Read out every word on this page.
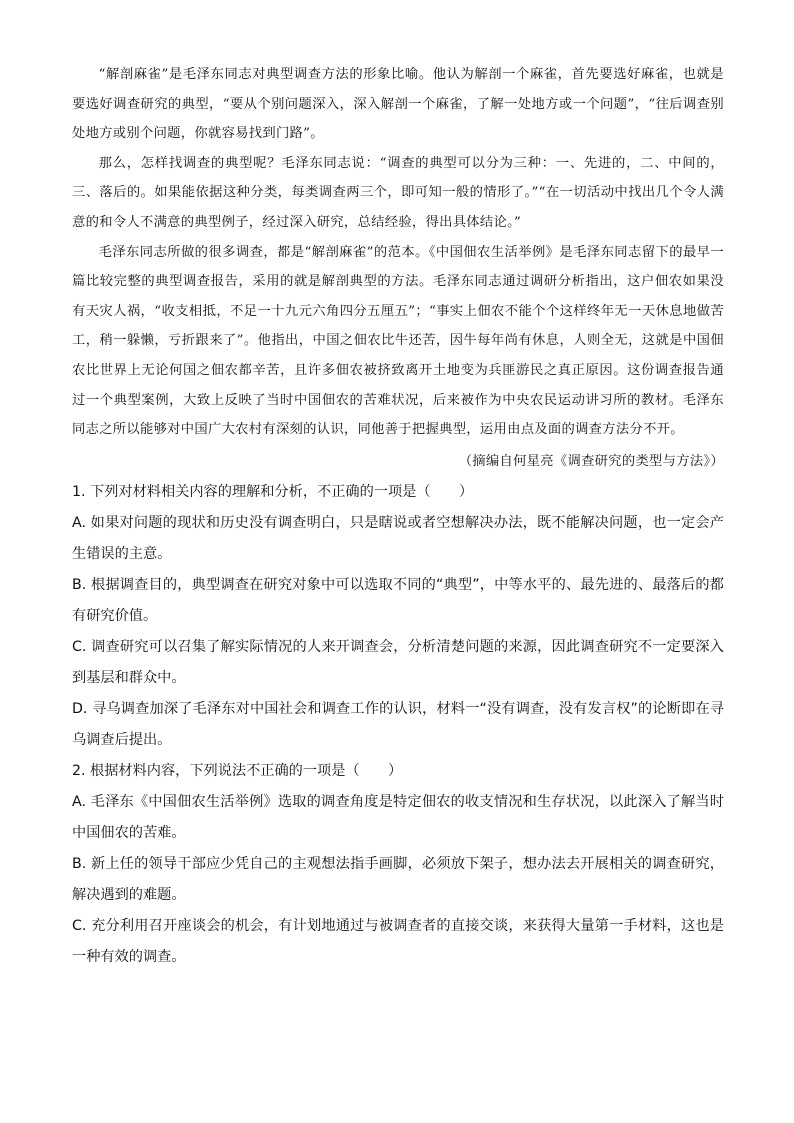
“解剖麻雀”是毛泽东同志对典型调查方法的形象比喻。他认为解剖一个麻雀，首先要选好麻雀，也就是要选好调查研究的典型，“要从个别问题深入，深入解剖一个麻雀，了解一处地方或一个问题”，“往后调查别处地方或别个问题，你就容易找到门路”。

那么，怎样找调查的典型呢？毛泽东同志说：“调查的典型可以分为三种：一、先进的，二、中间的，三、落后的。如果能依据这种分类，每类调查两三个，即可知一般的情形了。”“在一切活动中找出几个令人满意的和令人不满意的典型例子，经过深入研究，总结经验，得出具体结论。”

毛泽东同志所做的很多调查，都是“解剖麻雀”的范本。《中国佃农生活举例》是毛泽东同志留下的最早一篇比较完整的典型调查报告，采用的就是解剖典型的方法。毛泽东同志通过调研分析指出，这户佃农如果没有天灾人祸，“收支相抵，不足一十九元六角四分五厘五”；“事实上佃农不能个个这样终年无一天休息地做苦工，稍一躲懒，亏折跟来了”。他指出，中国之佃农比牛还苦，因牛每年尚有休息，人则全无，这就是中国佃农比世界上无论何国之佃农都辛苦，且许多佃农被挤致离开土地变为兵匪游民之真正原因。这份调查报告通过一个典型案例，大致上反映了当时中国佃农的苦难状况，后来被作为中央农民运动讲习所的教材。毛泽东同志之所以能够对中国广大农村有深刻的认识，同他善于把握典型，运用由点及面的调查方法分不开。

（摘编自何星亮《调查研究的类型与方法》）

1. 下列对材料相关内容的理解和分析，不正确的一项是（　　）

A. 如果对问题的现状和历史没有调查明白，只是瞎说或者空想解决办法，既不能解决问题，也一定会产生错误的主意。

B. 根据调查目的，典型调查在研究对象中可以选取不同的“典型”，中等水平的、最先进的、最落后的都有研究价值。

C. 调查研究可以召集了解实际情况的人来开调查会，分析清楚问题的来源，因此调查研究不一定要深入到基层和群众中。

D. 寻乌调查加深了毛泽东对中国社会和调查工作的认识，材料一“没有调查，没有发言权”的论断即在寻乌调查后提出。

2. 根据材料内容，下列说法不正确的一项是（　　）

A. 毛泽东《中国佃农生活举例》选取的调查角度是特定佃农的收支情况和生存状况，以此深入了解当时中国佃农的苦难。

B. 新上任的领导干部应少凭自己的主观想法指手画脚，必须放下架子，想办法去开展相关的调查研究，解决遇到的难题。

C. 充分利用召开座谈会的机会，有计划地通过与被调查者的直接交谈，来获得大量第一手材料，这也是一种有效的调查。
